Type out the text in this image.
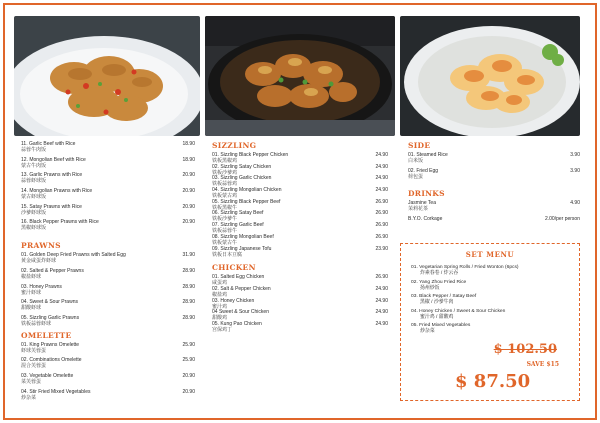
11. Garlic Beef with Rice
蒜蓉牛肉饭
18.90
12. Mongolian Beef with Rice
蒙古牛肉饭
18.90
13. Garlic Prawns with Rice
蒜蓉虾球饭
20.90
14. Mongolian Prawns with Rice
蒙古虾球饭
20.90
15. Satay Prawns with Rice
沙爹虾球饭
20.90
16. Black Pepper Prawns with Rice
黑椒虾球饭
20.90
PRAWNS
01. Golden Deep Fried Prawns with Salted Egg
黄金咸蛋炸虾球
31.90
02. Salted & Pepper Prawns
椒盐虾球
28.90
03. Honey Prawns
蜜汁虾球
28.90
04. Sweet & Sour Prawns
甜酸虾球
28.90
05. Sizzling Garlic Prawns
铁板蒜蓉虾球
28.90
OMELETTE
01. King Prawns Omelette
虾球芙蓉蛋
25.90
02. Combinations Omelette
混合芙蓉蛋
25.90
03. Vegetable Omelette
菜芙蓉蛋
20.90
04. Stir Fried Mixed Vegetables
炒杂菜
20.90
SIZZLING
01. Sizzling Black Pepper Chicken
铁板黑椒鸡
24.90
02. Sizzling Satay Chicken
铁板沙爹鸡
24.90
03. Sizzling Garlic Chicken
铁板蒜蓉鸡
24.90
04. Sizzling Mongolian Chicken
铁板蒙古鸡
24.90
05. Sizzling Black Pepper Beef
铁板黑椒牛
26.90
06. Sizzling Satay Beef
铁板沙爹牛
26.90
07. Sizzling Garlic Beef
铁板蒜蓉牛
26.90
08. Sizzling Mongolian Beef
铁板蒙古牛
26.90
09. Sizzling Japanese Tofu
铁板日本豆腐
23.90
CHICKEN
01. Salted Egg Chicken
咸蛋鸡
26.90
02. Salt & Pepper Chicken
椒盐鸡
24.90
03. Honey Chicken
蜜汁鸡
24.90
04 Sweet & Sour Chicken
甜酸鸡
24.90
05. Kung Pao Chicken
宫保鸡丁
24.90
SIDE
01. Steamed Rice
白米饭
3.90
02. Fried Egg
荷包蛋
3.90
DRINKS
Jasmine Tea
茉莉花茶
4.90
B.Y.O. Corkage	2.00/per person
SET MENU
01. Vegetarian Spring Rolls / Fried Wonton (6pcs)
炸素春卷 / 炸云吞
02. Yang Zhou Fried Rice
扬州炒饭
03. Black Pepper / Satay Beef
黑椒 / 沙爹牛肉
04. Honey Chicken / Sweet & Sour Chicken
蜜汁鸡 / 甜酸鸡
05. Fried Mixed Vegetables
炒杂菜
$ 102.50
SAVE $15
$ 87.50
